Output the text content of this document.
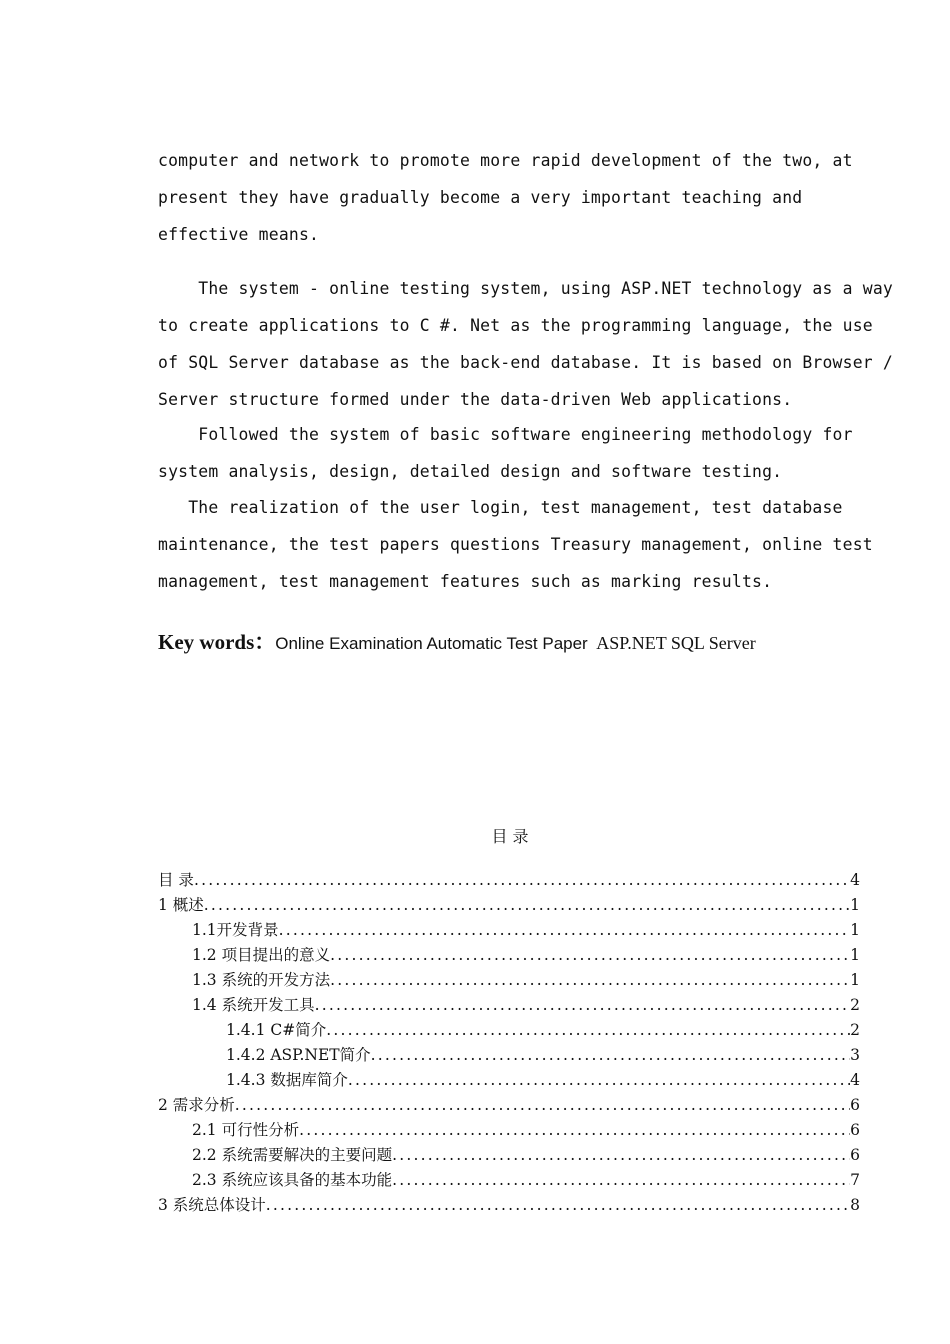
computer and network to promote more rapid development of the two, at
present they have gradually become a very important teaching and
effective means.
The system - online testing system, using ASP.NET technology as a way
to create applications to C #. Net as the programming language, the use
of SQL Server database as the back-end database. It is based on Browser /
Server structure formed under the data-driven Web applications.
Followed the system of basic software engineering methodology for
system analysis, design, detailed design and software testing.
The realization of the user login, test management, test database
maintenance, the test papers questions Treasury management, online test
management, test management features such as marking results.
Key words：Online Examination Automatic Test Paper ASP.NET SQL Server
目 录
目 录 .....	4
1 概述 .....	1
1.1开发背景 .....	1
1.2 项目提出的意义 .....	1
1.3 系统的开发方法 .....	1
1.4 系统开发工具 .....	2
1.4.1 C#简介 .....	2
1.4.2 ASP.NET简介 .....	3
1.4.3 数据库简介 .....	4
2 需求分析 .....	6
2.1 可行性分析 .....	6
2.2 系统需要解决的主要问题 .....	6
2.3 系统应该具备的基本功能 .....	7
3 系统总体设计 .....	8
